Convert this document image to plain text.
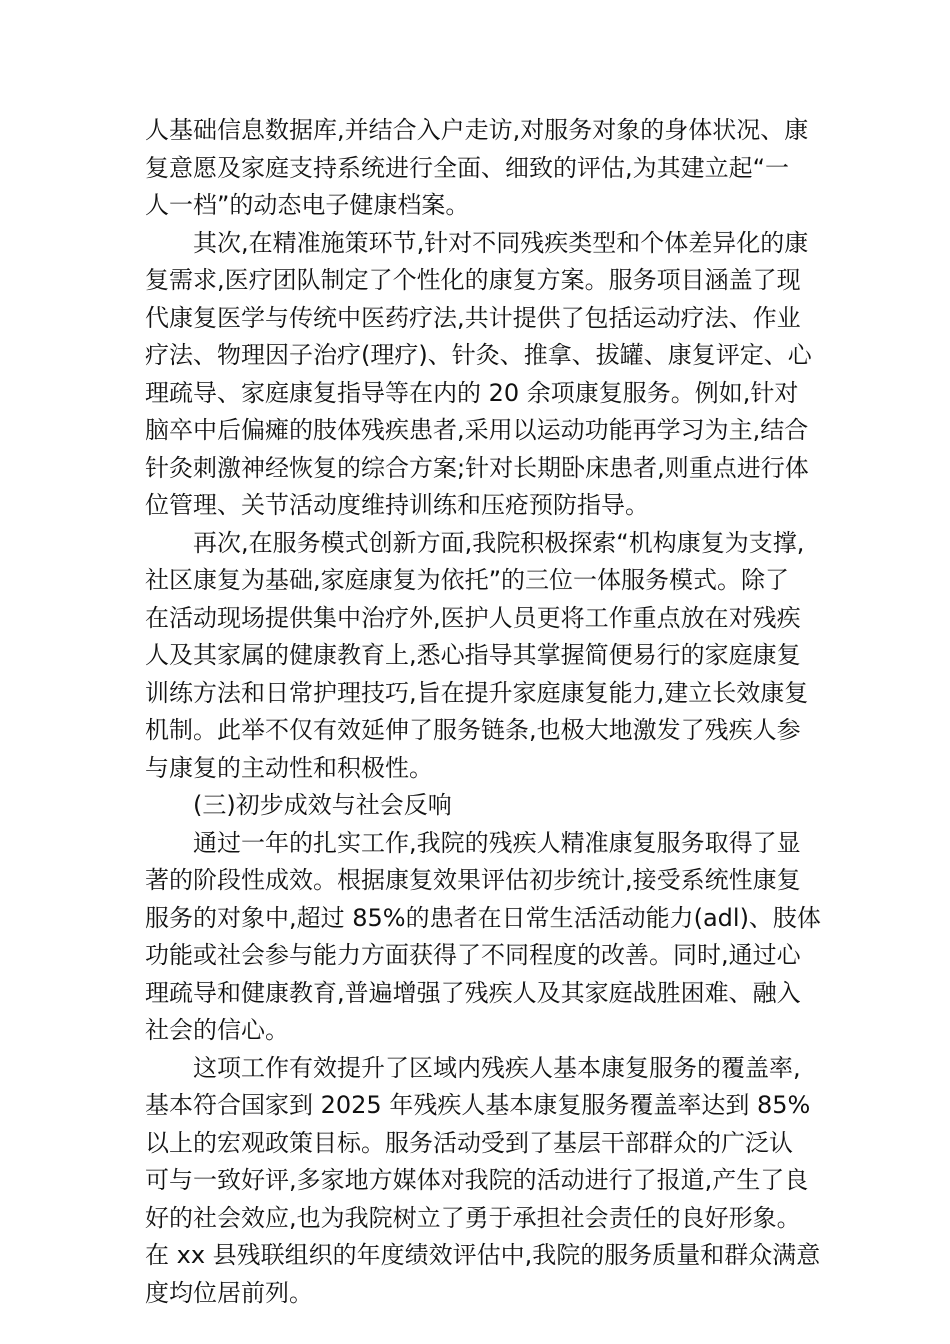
人基础信息数据库,并结合入户走访,对服务对象的身体状况、康
复意愿及家庭支持系统进行全面、细致的评估,为其建立起“一
人一档”的动态电子健康档案。
其次,在精准施策环节,针对不同残疾类型和个体差异化的康
复需求,医疗团队制定了个性化的康复方案。服务项目涵盖了现
代康复医学与传统中医药疗法,共计提供了包括运动疗法、作业
疗法、物理因子治疗(理疗)、针灸、推拿、拔罐、康复评定、心
理疏导、家庭康复指导等在内的 20 余项康复服务。例如,针对
脑卒中后偏瘫的肢体残疾患者,采用以运动功能再学习为主,结合
针灸刺激神经恢复的综合方案;针对长期卧床患者,则重点进行体
位管理、关节活动度维持训练和压疮预防指导。
再次,在服务模式创新方面,我院积极探索“机构康复为支撑,
社区康复为基础,家庭康复为依托”的三位一体服务模式。除了
在活动现场提供集中治疗外,医护人员更将工作重点放在对残疾
人及其家属的健康教育上,悉心指导其掌握简便易行的家庭康复
训练方法和日常护理技巧,旨在提升家庭康复能力,建立长效康复
机制。此举不仅有效延伸了服务链条,也极大地激发了残疾人参
与康复的主动性和积极性。
(三)初步成效与社会反响
通过一年的扎实工作,我院的残疾人精准康复服务取得了显
著的阶段性成效。根据康复效果评估初步统计,接受系统性康复
服务的对象中,超过 85%的患者在日常生活活动能力(adl)、肢体
功能或社会参与能力方面获得了不同程度的改善。同时,通过心
理疏导和健康教育,普遍增强了残疾人及其家庭战胜困难、融入
社会的信心。
这项工作有效提升了区域内残疾人基本康复服务的覆盖率,
基本符合国家到 2025 年残疾人基本康复服务覆盖率达到 85%
以上的宏观政策目标。服务活动受到了基层干部群众的广泛认
可与一致好评,多家地方媒体对我院的活动进行了报道,产生了良
好的社会效应,也为我院树立了勇于承担社会责任的良好形象。
在 xx 县残联组织的年度绩效评估中,我院的服务质量和群众满意
度均位居前列。
